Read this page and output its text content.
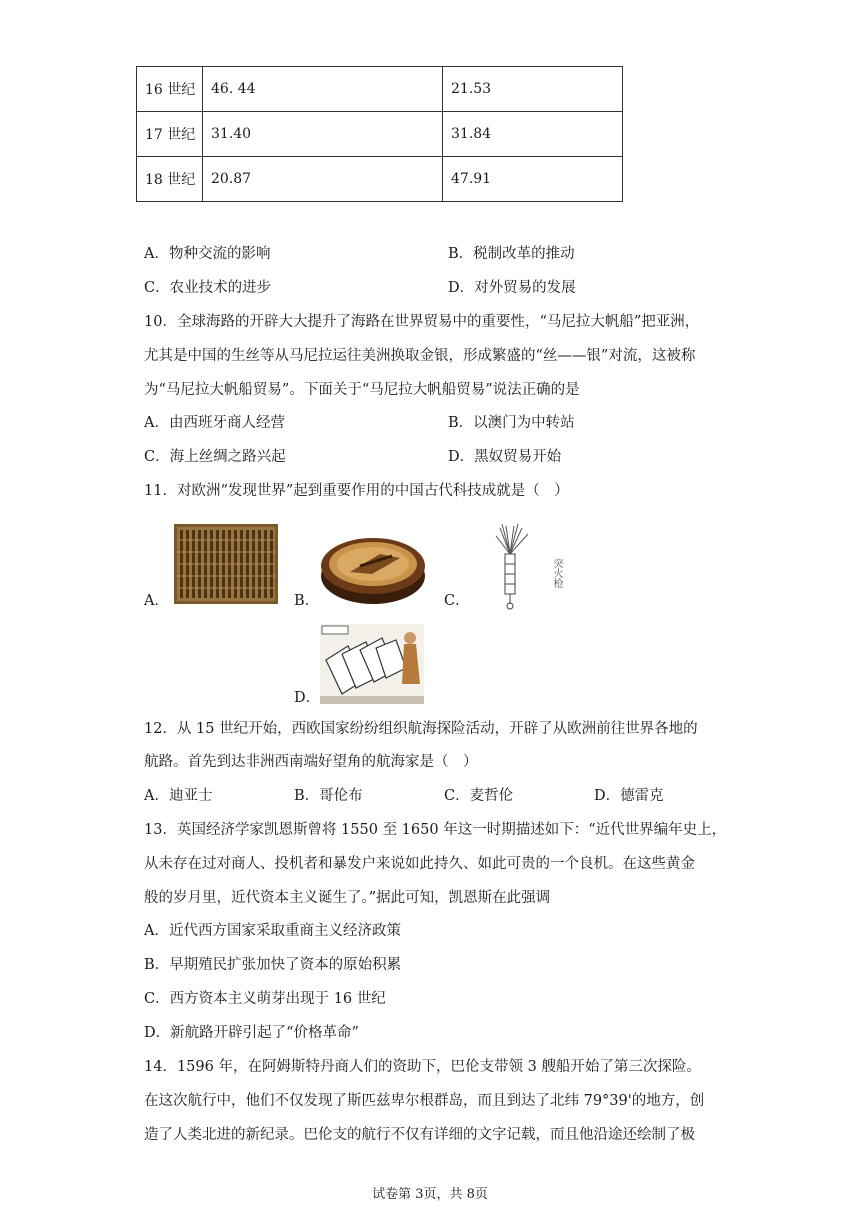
16 世纪	46. 44	21.53
17 世纪	31.40	31.84
18 世纪	20.87	47.91
A．物种交流的影响	B．税制改革的推动
C．农业技术的进步	D．对外贸易的发展
10．全球海路的开辟大大提升了海路在世界贸易中的重要性，“马尼拉大帆船”把亚洲，
尤其是中国的生丝等从马尼拉运往美洲换取金银，形成繁盛的“丝——银”对流，这被称
为“马尼拉大帆船贸易”。下面关于“马尼拉大帆船贸易”说法正确的是
A．由西班牙商人经营	B．以澳门为中转站
C．海上丝绸之路兴起	D．黑奴贸易开始
11．对欧洲“发现世界”起到重要作用的中国古代科技成就是（　）
A．	B．	C．
突火枪
D．
12．从 15 世纪开始，西欧国家纷纷组织航海探险活动，开辟了从欧洲前往世界各地的
航路。首先到达非洲西南端好望角的航海家是（　）
A．迪亚士	B．哥伦布	C．麦哲伦	D．德雷克
13．英国经济学家凯恩斯曾将 1550 至 1650 年这一时期描述如下：“近代世界编年史上，
从未存在过对商人、投机者和暴发户来说如此持久、如此可贵的一个良机。在这些黄金
般的岁月里，近代资本主义诞生了。”据此可知，凯恩斯在此强调
A．近代西方国家采取重商主义经济政策
B．早期殖民扩张加快了资本的原始积累
C．西方资本主义萌芽出现于 16 世纪
D．新航路开辟引起了“价格革命”
14．1596 年，在阿姆斯特丹商人们的资助下，巴伦支带领 3 艘船开始了第三次探险。
在这次航行中，他们不仅发现了斯匹兹卑尔根群岛，而且到达了北纬 79°39'的地方，创
造了人类北进的新纪录。巴伦支的航行不仅有详细的文字记载，而且他沿途还绘制了极
试卷第 3页，共 8页
